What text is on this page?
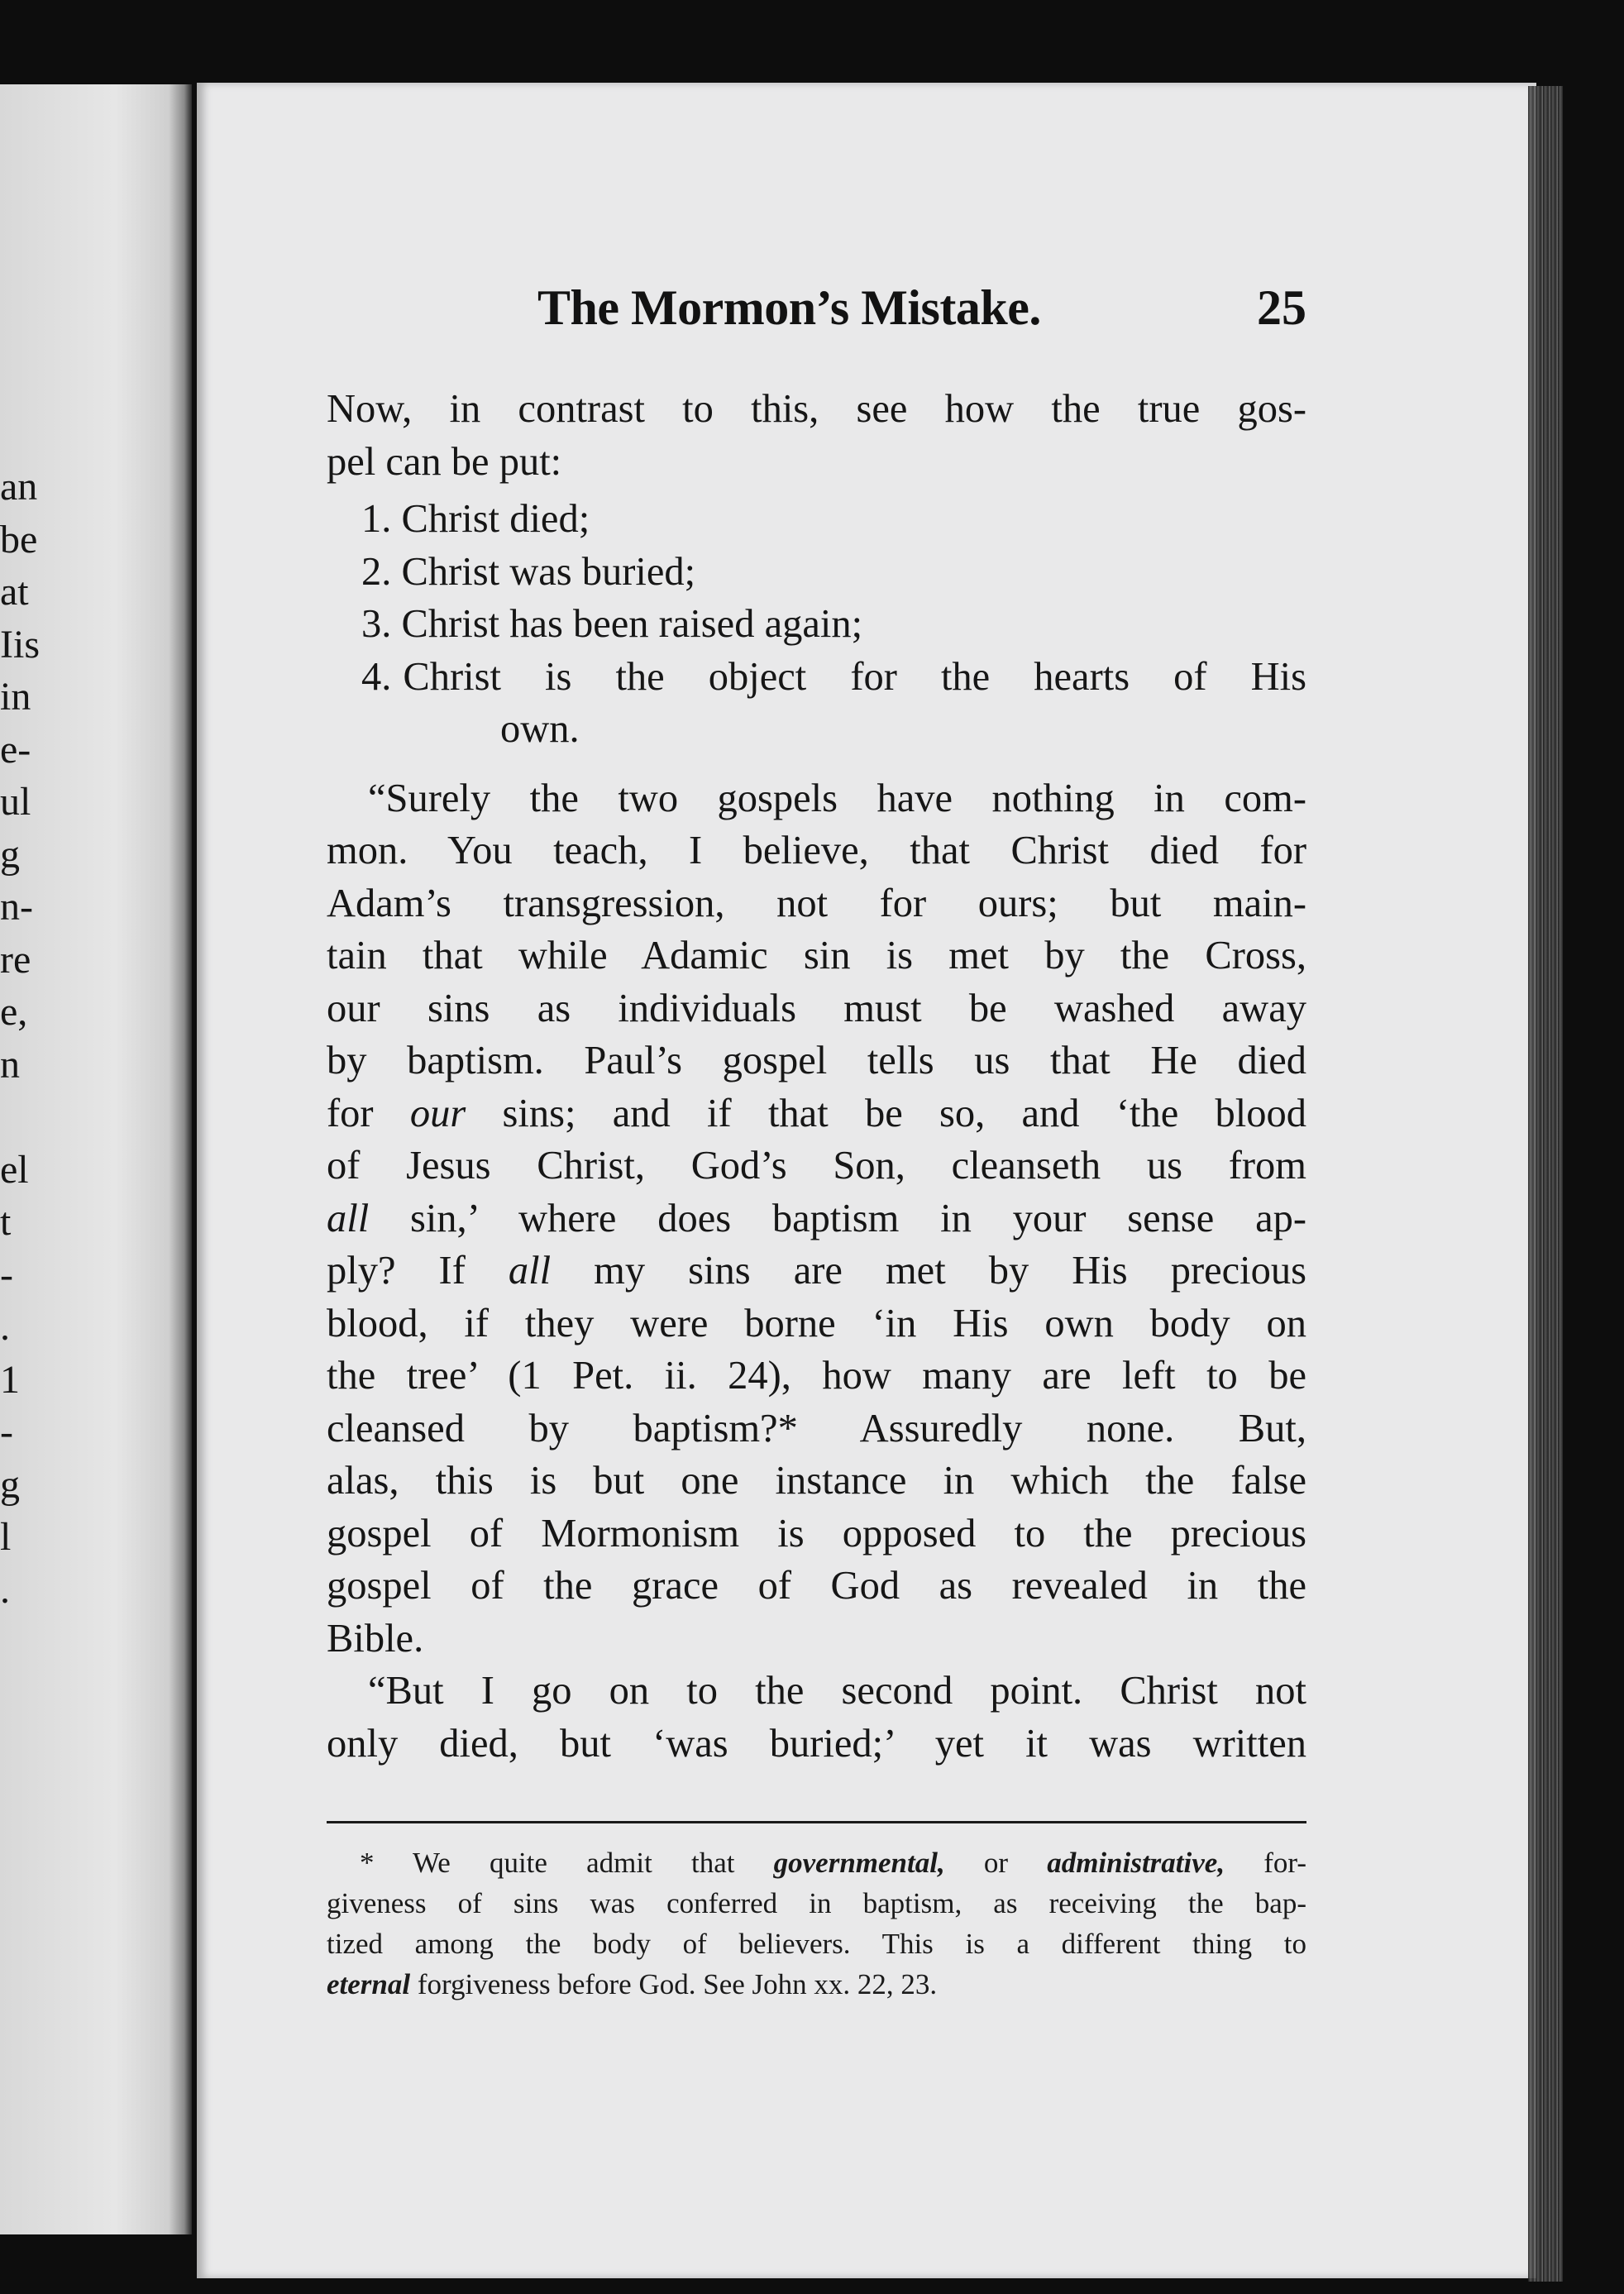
an
be
at
Iis
in
e-
ul
g
n-
re
e,
n
el
t
-
.
1
-
g
l
.
The Mormon’s Mistake.	25
Now, in contrast to this, see how the true gos-
pel can be put:
1. Christ died;
2. Christ was buried;
3. Christ has been raised again;
4. Christ is the object for the hearts of His
own.
“Surely the two gospels have nothing in com-
mon. You teach, I believe, that Christ died for
Adam’s transgression, not for ours; but main-
tain that while Adamic sin is met by the Cross,
our sins as individuals must be washed away
by baptism. Paul’s gospel tells us that He died
for our sins; and if that be so, and ‘the blood
of Jesus Christ, God’s Son, cleanseth us from
all sin,’ where does baptism in your sense ap-
ply? If all my sins are met by His precious
blood, if they were borne ‘in His own body on
the tree’ (1 Pet. ii. 24), how many are left to be
cleansed by baptism?* Assuredly none. But,
alas, this is but one instance in which the false
gospel of Mormonism is opposed to the precious
gospel of the grace of God as revealed in the
Bible.
“But I go on to the second point. Christ not
only died, but ‘was buried;’ yet it was written
* We quite admit that governmental, or administrative, for-
giveness of sins was conferred in baptism, as receiving the bap-
tized among the body of believers. This is a different thing to
eternal forgiveness before God. See John xx. 22, 23.
